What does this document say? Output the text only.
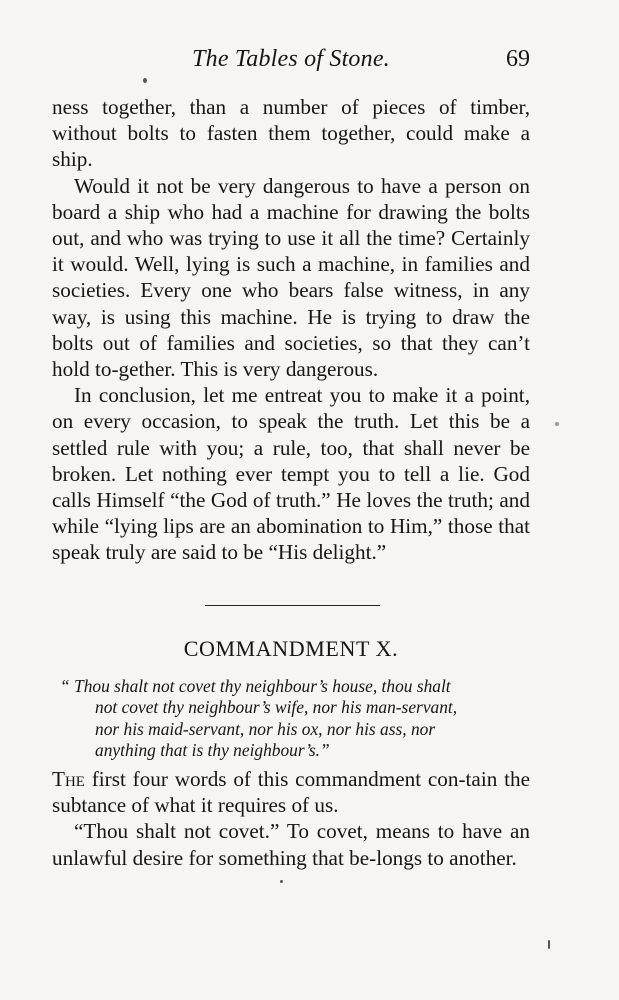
The Tables of Stone.	69

ness together, than a number of pieces of timber, without bolts to fasten them together, could make a ship.

Would it not be very dangerous to have a person on board a ship who had a machine for drawing the bolts out, and who was trying to use it all the time? Certainly it would. Well, lying is such a machine, in families and societies. Every one who bears false witness, in any way, is using this machine. He is trying to draw the bolts out of families and societies, so that they can’t hold to-gether. This is very dangerous.

In conclusion, let me entreat you to make it a point, on every occasion, to speak the truth. Let this be a settled rule with you; a rule, too, that shall never be broken. Let nothing ever tempt you to tell a lie. God calls Himself “the God of truth.” He loves the truth; and while “lying lips are an abomination to Him,” those that speak truly are said to be “His delight.”

COMMANDMENT X.
“ Thou shalt not covet thy neighbour’s house, thou shalt
not covet thy neighbour’s wife, nor his man-servant,
nor his maid-servant, nor his ox, nor his ass, nor
anything that is thy neighbour’s.”

The first four words of this commandment con-tain the subtance of what it requires of us.

“Thou shalt not covet.” To covet, means to have an unlawful desire for something that be-longs to another.
